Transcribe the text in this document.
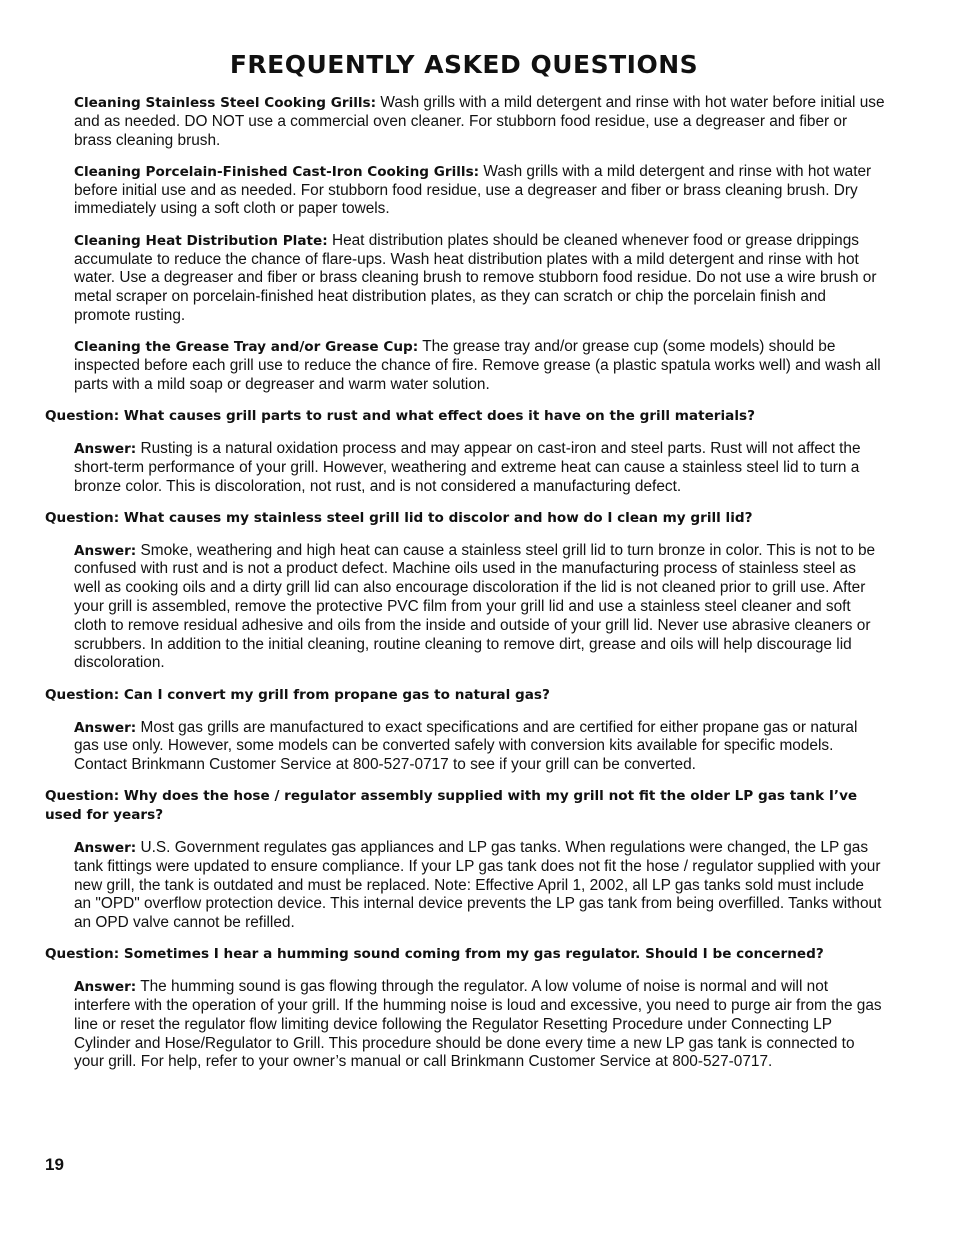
FREQUENTLY ASKED QUESTIONS

Cleaning Stainless Steel Cooking Grills: Wash grills with a mild detergent and rinse with hot water before initial use and as needed. DO NOT use a commercial oven cleaner. For stubborn food residue, use a degreaser and fiber or brass cleaning brush.

Cleaning Porcelain-Finished Cast-Iron Cooking Grills: Wash grills with a mild detergent and rinse with hot water before initial use and as needed. For stubborn food residue, use a degreaser and fiber or brass cleaning brush. Dry immediately using a soft cloth or paper towels.

Cleaning Heat Distribution Plate: Heat distribution plates should be cleaned whenever food or grease drippings accumulate to reduce the chance of flare-ups. Wash heat distribution plates with a mild detergent and rinse with hot water. Use a degreaser and fiber or brass cleaning brush to remove stubborn food residue. Do not use a wire brush or metal scraper on porcelain-finished heat distribution plates, as they can scratch or chip the porcelain finish and promote rusting.

Cleaning the Grease Tray and/or Grease Cup: The grease tray and/or grease cup (some models) should be inspected before each grill use to reduce the chance of fire. Remove grease (a plastic spatula works well) and wash all parts with a mild soap or degreaser and warm water solution.

Question: What causes grill parts to rust and what effect does it have on the grill materials?

Answer: Rusting is a natural oxidation process and may appear on cast-iron and steel parts. Rust will not affect the short-term performance of your grill. However, weathering and extreme heat can cause a stainless steel lid to turn a bronze color. This is discoloration, not rust, and is not considered a manufacturing defect.

Question: What causes my stainless steel grill lid to discolor and how do I clean my grill lid?

Answer: Smoke, weathering and high heat can cause a stainless steel grill lid to turn bronze in color. This is not to be confused with rust and is not a product defect. Machine oils used in the manufacturing process of stainless steel as well as cooking oils and a dirty grill lid can also encourage discoloration if the lid is not cleaned prior to grill use. After your grill is assembled, remove the protective PVC film from your grill lid and use a stainless steel cleaner and soft cloth to remove residual adhesive and oils from the inside and outside of your grill lid. Never use abrasive cleaners or scrubbers. In addition to the initial cleaning, routine cleaning to remove dirt, grease and oils will help discourage lid discoloration.

Question: Can I convert my grill from propane gas to natural gas?

Answer: Most gas grills are manufactured to exact specifications and are certified for either propane gas or natural gas use only. However, some models can be converted safely with conversion kits available for specific models. Contact Brinkmann Customer Service at 800-527-0717 to see if your grill can be converted.

Question: Why does the hose / regulator assembly supplied with my grill not fit the older LP gas tank I’ve used for years?

Answer: U.S. Government regulates gas appliances and LP gas tanks. When regulations were changed, the LP gas tank fittings were updated to ensure compliance. If your LP gas tank does not fit the hose / regulator supplied with your new grill, the tank is outdated and must be replaced. Note: Effective April 1, 2002, all LP gas tanks sold must include an "OPD" overflow protection device. This internal device prevents the LP gas tank from being overfilled. Tanks without an OPD valve cannot be refilled.

Question: Sometimes I hear a humming sound coming from my gas regulator. Should I be concerned?

Answer: The humming sound is gas flowing through the regulator. A low volume of noise is normal and will not interfere with the operation of your grill. If the humming noise is loud and excessive, you need to purge air from the gas line or reset the regulator flow limiting device following the Regulator Resetting Procedure under Connecting LP Cylinder and Hose/Regulator to Grill. This procedure should be done every time a new LP gas tank is connected to your grill. For help, refer to your owner’s manual or call Brinkmann Customer Service at 800-527-0717.

19
